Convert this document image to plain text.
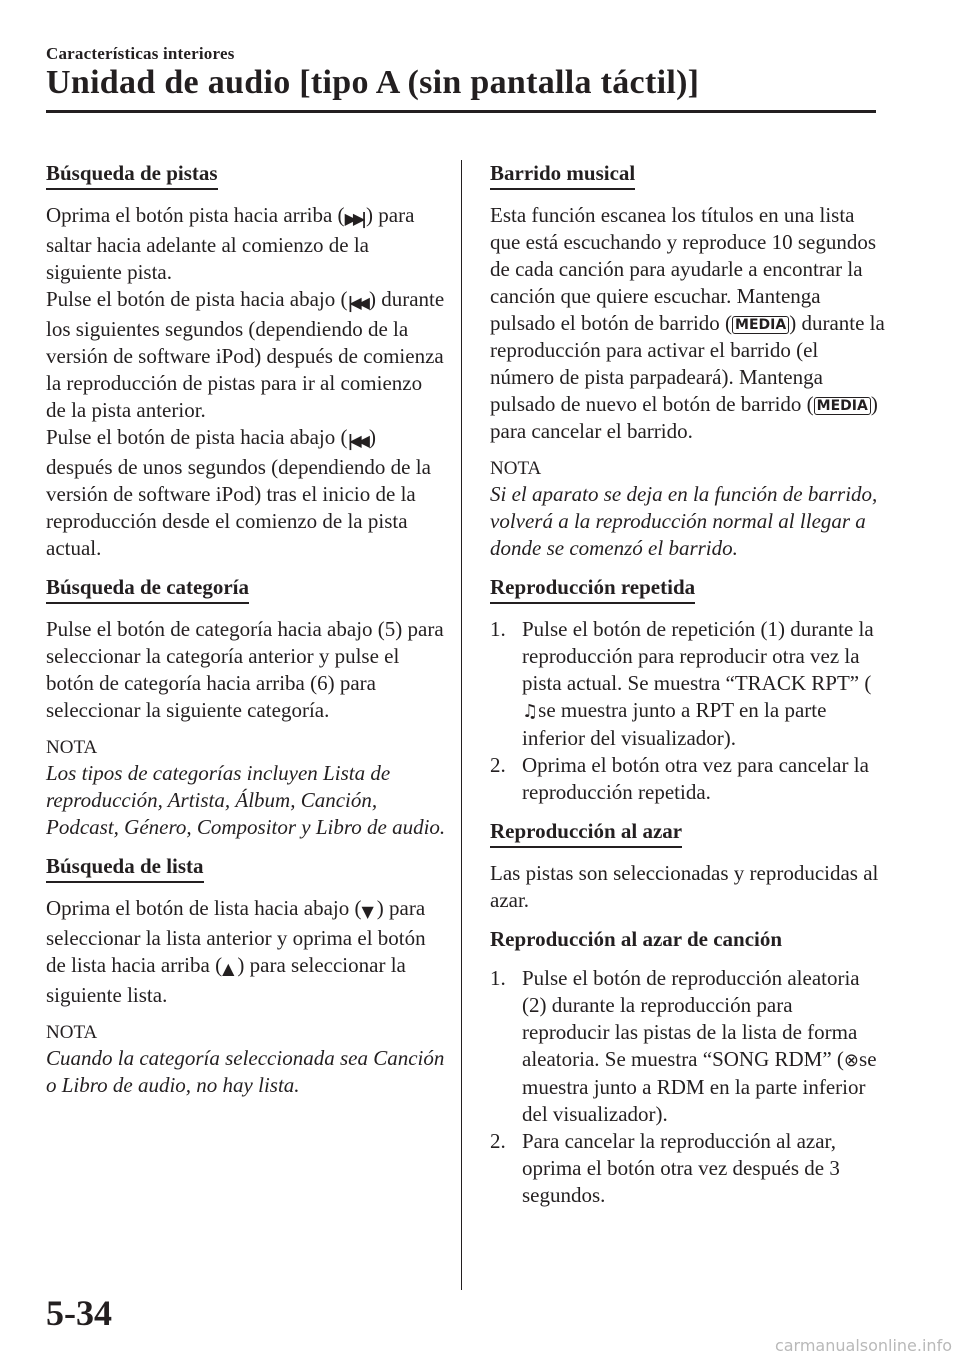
Características interiores
Unidad de audio [tipo A (sin pantalla táctil)]
Búsqueda de pistas

Oprima el botón pista hacia arriba (▶▶| ) para saltar hacia adelante al comienzo de la siguiente pista.

Pulse el botón de pista hacia abajo (|◀◀ ) durante los siguientes segundos (dependiendo de la versión de software iPod) después de comienza la reproducción de pistas para ir al comienzo de la pista anterior.

Pulse el botón de pista hacia abajo (|◀◀ ) después de unos segundos (dependiendo de la versión de software iPod) tras el inicio de la reproducción desde el comienzo de la pista actual.

Búsqueda de categoría

Pulse el botón de categoría hacia abajo (5) para seleccionar la categoría anterior y pulse el botón de categoría hacia arriba (6) para seleccionar la siguiente categoría.

NOTA
Los tipos de categorías incluyen Lista de reproducción, Artista, Álbum, Canción, Podcast, Género, Compositor y Libro de audio.
Búsqueda de lista

Oprima el botón de lista hacia abajo (▼ ) para seleccionar la lista anterior y oprima el botón de lista hacia arriba (▲ ) para seleccionar la siguiente lista.

NOTA
Cuando la categoría seleccionada sea Canción o Libro de audio, no hay lista.
Barrido musical

Esta función escanea los títulos en una lista que está escuchando y reproduce 10 segundos de cada canción para ayudarle a encontrar la canción que quiere escuchar. Mantenga pulsado el botón de barrido ( MEDIA ) durante la reproducción para activar el barrido (el número de pista parpadeará). Mantenga pulsado de nuevo el botón de barrido ( MEDIA ) para cancelar el barrido.

NOTA
Si el aparato se deja en la función de barrido, volverá a la reproducción normal al llegar a donde se comenzó el barrido.
Reproducción repetida
1. Pulse el botón de repetición (1) durante la reproducción para reproducir otra vez la pista actual. Se muestra “TRACK RPT” (♫se muestra junto a RPT en la parte inferior del visualizador).
2. Oprima el botón otra vez para cancelar la reproducción repetida.
Reproducción al azar

Las pistas son seleccionadas y reproducidas al azar.

Reproducción al azar de canción
1. Pulse el botón de reproducción aleatoria (2) durante la reproducción para reproducir las pistas de la lista de forma aleatoria. Se muestra “SONG RDM” (⊗se muestra junto a RDM en la parte inferior del visualizador).
2. Para cancelar la reproducción al azar, oprima el botón otra vez después de 3 segundos.
5-34
carmanualsonline.info
